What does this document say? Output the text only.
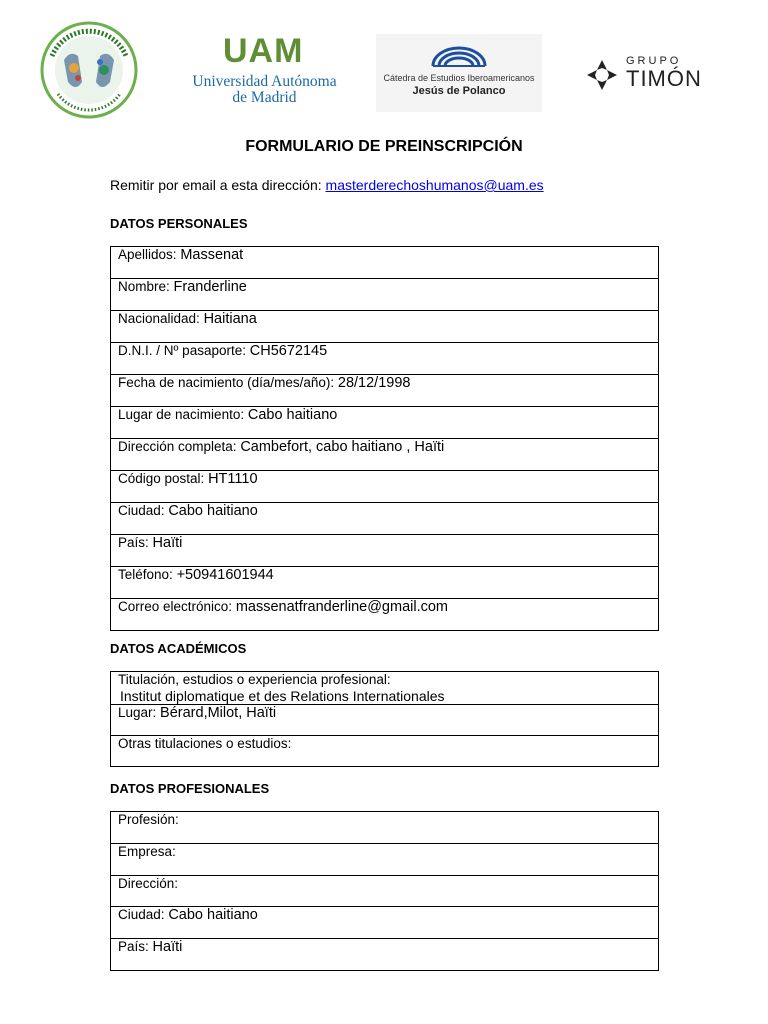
UAM
Universidad Autónoma
de Madrid
Cátedra de Estudios Iberoamericanos
Jesús de Polanco
GRUPO
TIMÓN
FORMULARIO DE PREINSCRIPCIÓN
Remitir por email a esta dirección: masterderechoshumanos@uam.es
DATOS PERSONALES
Apellidos: Massenat
Nombre: Franderline
Nacionalidad: Haitiana
D.N.I. / Nº pasaporte: CH5672145
Fecha de nacimiento (día/mes/año): 28/12/1998
Lugar de nacimiento: Cabo haitiano
Dirección completa: Cambefort, cabo haitiano , Haïti
Código postal: HT1110
Ciudad: Cabo haitiano
País: Haïti
Teléfono: +50941601944
Correo electrónico: massenatfranderline@gmail.com
DATOS ACADÉMICOS
Titulación, estudios o experiencia profesional:
Institut diplomatique et des Relations Internationales

Lugar: Bérard,Milot, Haïti
Otras titulaciones o estudios:
DATOS PROFESIONALES
Profesión:
Empresa:
Dirección:
Ciudad: Cabo haitiano
País: Haïti
